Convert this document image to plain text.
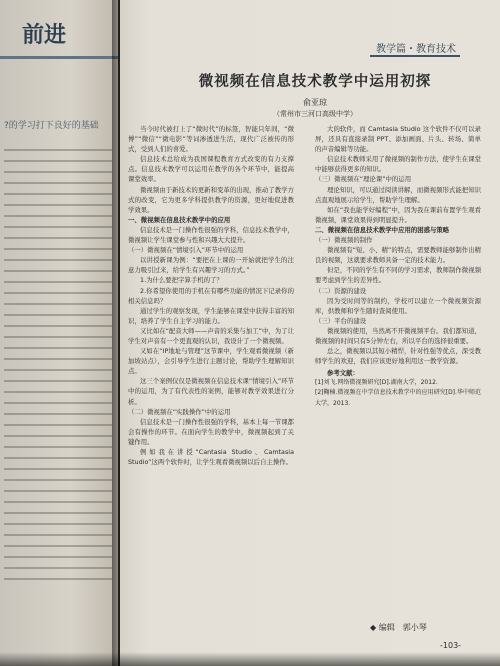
前进
?的学习打下良好的基础
教学篇・教育技术
微视频在信息技术教学中运用初探
俞亚琼
（常州市三河口高级中学）

当今时代被打上了“微时代”的标签，智能只年间，“微博”“微信”“微电影”等词渗透进生活，现代广泛被传的形式，受到人们的喜爱。

信息技术总给成为我国课程教育方式改变的有力支撑点。信息技术教学可以运用在教学的各个环节中，能提高课堂效率。

微视频由于新技术的更新和变革的出现，推动了教学方式的改变，它为更多学科提供教学的资源，更好地促进教学效果。

一、微视频在信息技术教学中的应用

信息技术是一门操作性很强的学科，信息技术教学中，微视频让学生课堂参与性和兴趣大大提升。

（一）微视频在“情境引入”环节中的运用

以讲授新课为例：“要把在上课的一开始就把学生的注意力吸引过来，给学生有兴趣学习的方式。”

1.为什么要把字算手机的了？

2.你希望你使用的手机在有哪些功能的情况下记录你的相关信息吗？

通过学生的观察发现，学生能够在课堂中获得丰富的知识，培养了学生自主学习的能力。

又比如在“配音大师——声音的采集与加工”中，为了让学生对声音有一个更直观的认识，我设计了一个微视频。

又如在“IP地址与管理”这节课中，学生观看微视频（新加坡站点），会引导学生进行主题讨论，帮助学生理解知识点。

这三个案例仅仅是微视频在信息技术课“情境引入”环节中的运用，为了有代表性的案例，能够对教学效果进行分析。

（二）微视频在“实践操作”中的运用

信息技术是一门操作性很强的学科，基本上每一节课都会有操作的环节。在面向学生的教学中，微视频起到了关键作用。

例如我在讲授“Cantasia Studio、Camtasia Studio”这两个软件时，让学生观看微视频以后自主操作。

大的软件，而 Camtasia Studio 这个软件不仅可以录屏，还具有直接录制 PPT、添加画面、片头、转场、简单的声音编辑等功能。

信息技术教师采用了微视频的制作方法，使学生在课堂中能够获得更多的知识。

（三）微视频在“理论课”中的运用

理论知识，可以通过阅读讲解，而微视频形式能把知识点直观地展示给学生，帮助学生理解。

如在“我也能学好编程”中，因为我在课前布置学生观看微视频，课堂效果得到明显提升。

二、微视频在信息技术教学中应用的困惑与策略

（一）微视频的制作

微视频有“短、小、精”的特点，需要教师能够制作出精良的视频，这就要求教师具备一定的技术能力。

但是，不同的学生有不同的学习需求，教师制作微视频要考虑到学生的差异性。

（二）资源的建设

因为受时间等的制约，学校可以建立一个微视频资源库，供教师和学生随时查阅使用。

（三）平台的建设

微视频的使用，当然离不开微视频平台。我们都知道，微视频的时间只有5分钟左右，所以平台的选择很重要。

总之，微视频以其短小精悍，针对性强等优点，深受教师学生的欢迎，我们应该更好地利用这一教学资源。

参考文献：

[1]刘飞.网络微视频研究[D].湖南大学，2012.

[2]鞠楠.微视频在中学信息技术教学中的应用研究[D].华中师范大学，2013.

◆ 编辑　郭小琴
-103-
